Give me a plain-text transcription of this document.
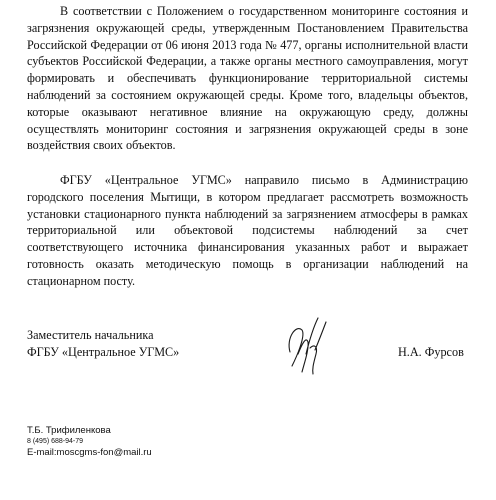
В соответствии с Положением о государственном мониторинге состояния и загрязнения окружающей среды, утвержденным Постановлением Правительства Российской Федерации от 06 июня 2013 года № 477, органы исполнительной власти субъектов Российской Федерации, а также органы местного самоуправления, могут формировать и обеспечивать функционирование территориальной системы наблюдений за состоянием окружающей среды. Кроме того, владельцы объектов, которые оказывают негативное влияние на окружающую среду, должны осуществлять мониторинг состояния и загрязнения окружающей среды в зоне воздействия своих объектов.

ФГБУ «Центральное УГМС» направило письмо в Администрацию городского поселения Мытищи, в котором предлагает рассмотреть возможность установки стационарного пункта наблюдений за загрязнением атмосферы в рамках территориальной или объектовой подсистемы наблюдений за счет соответствующего источника финансирования указанных работ и выражает готовность оказать методическую помощь в организации наблюдений на стационарном посту.

Заместитель начальника
ФГБУ «Центральное УГМС»	Н.А. Фурсов
Т.Б. Трифиленкова
8 (495) 688-94-79
E-mail:moscgms-fon@mail.ru
